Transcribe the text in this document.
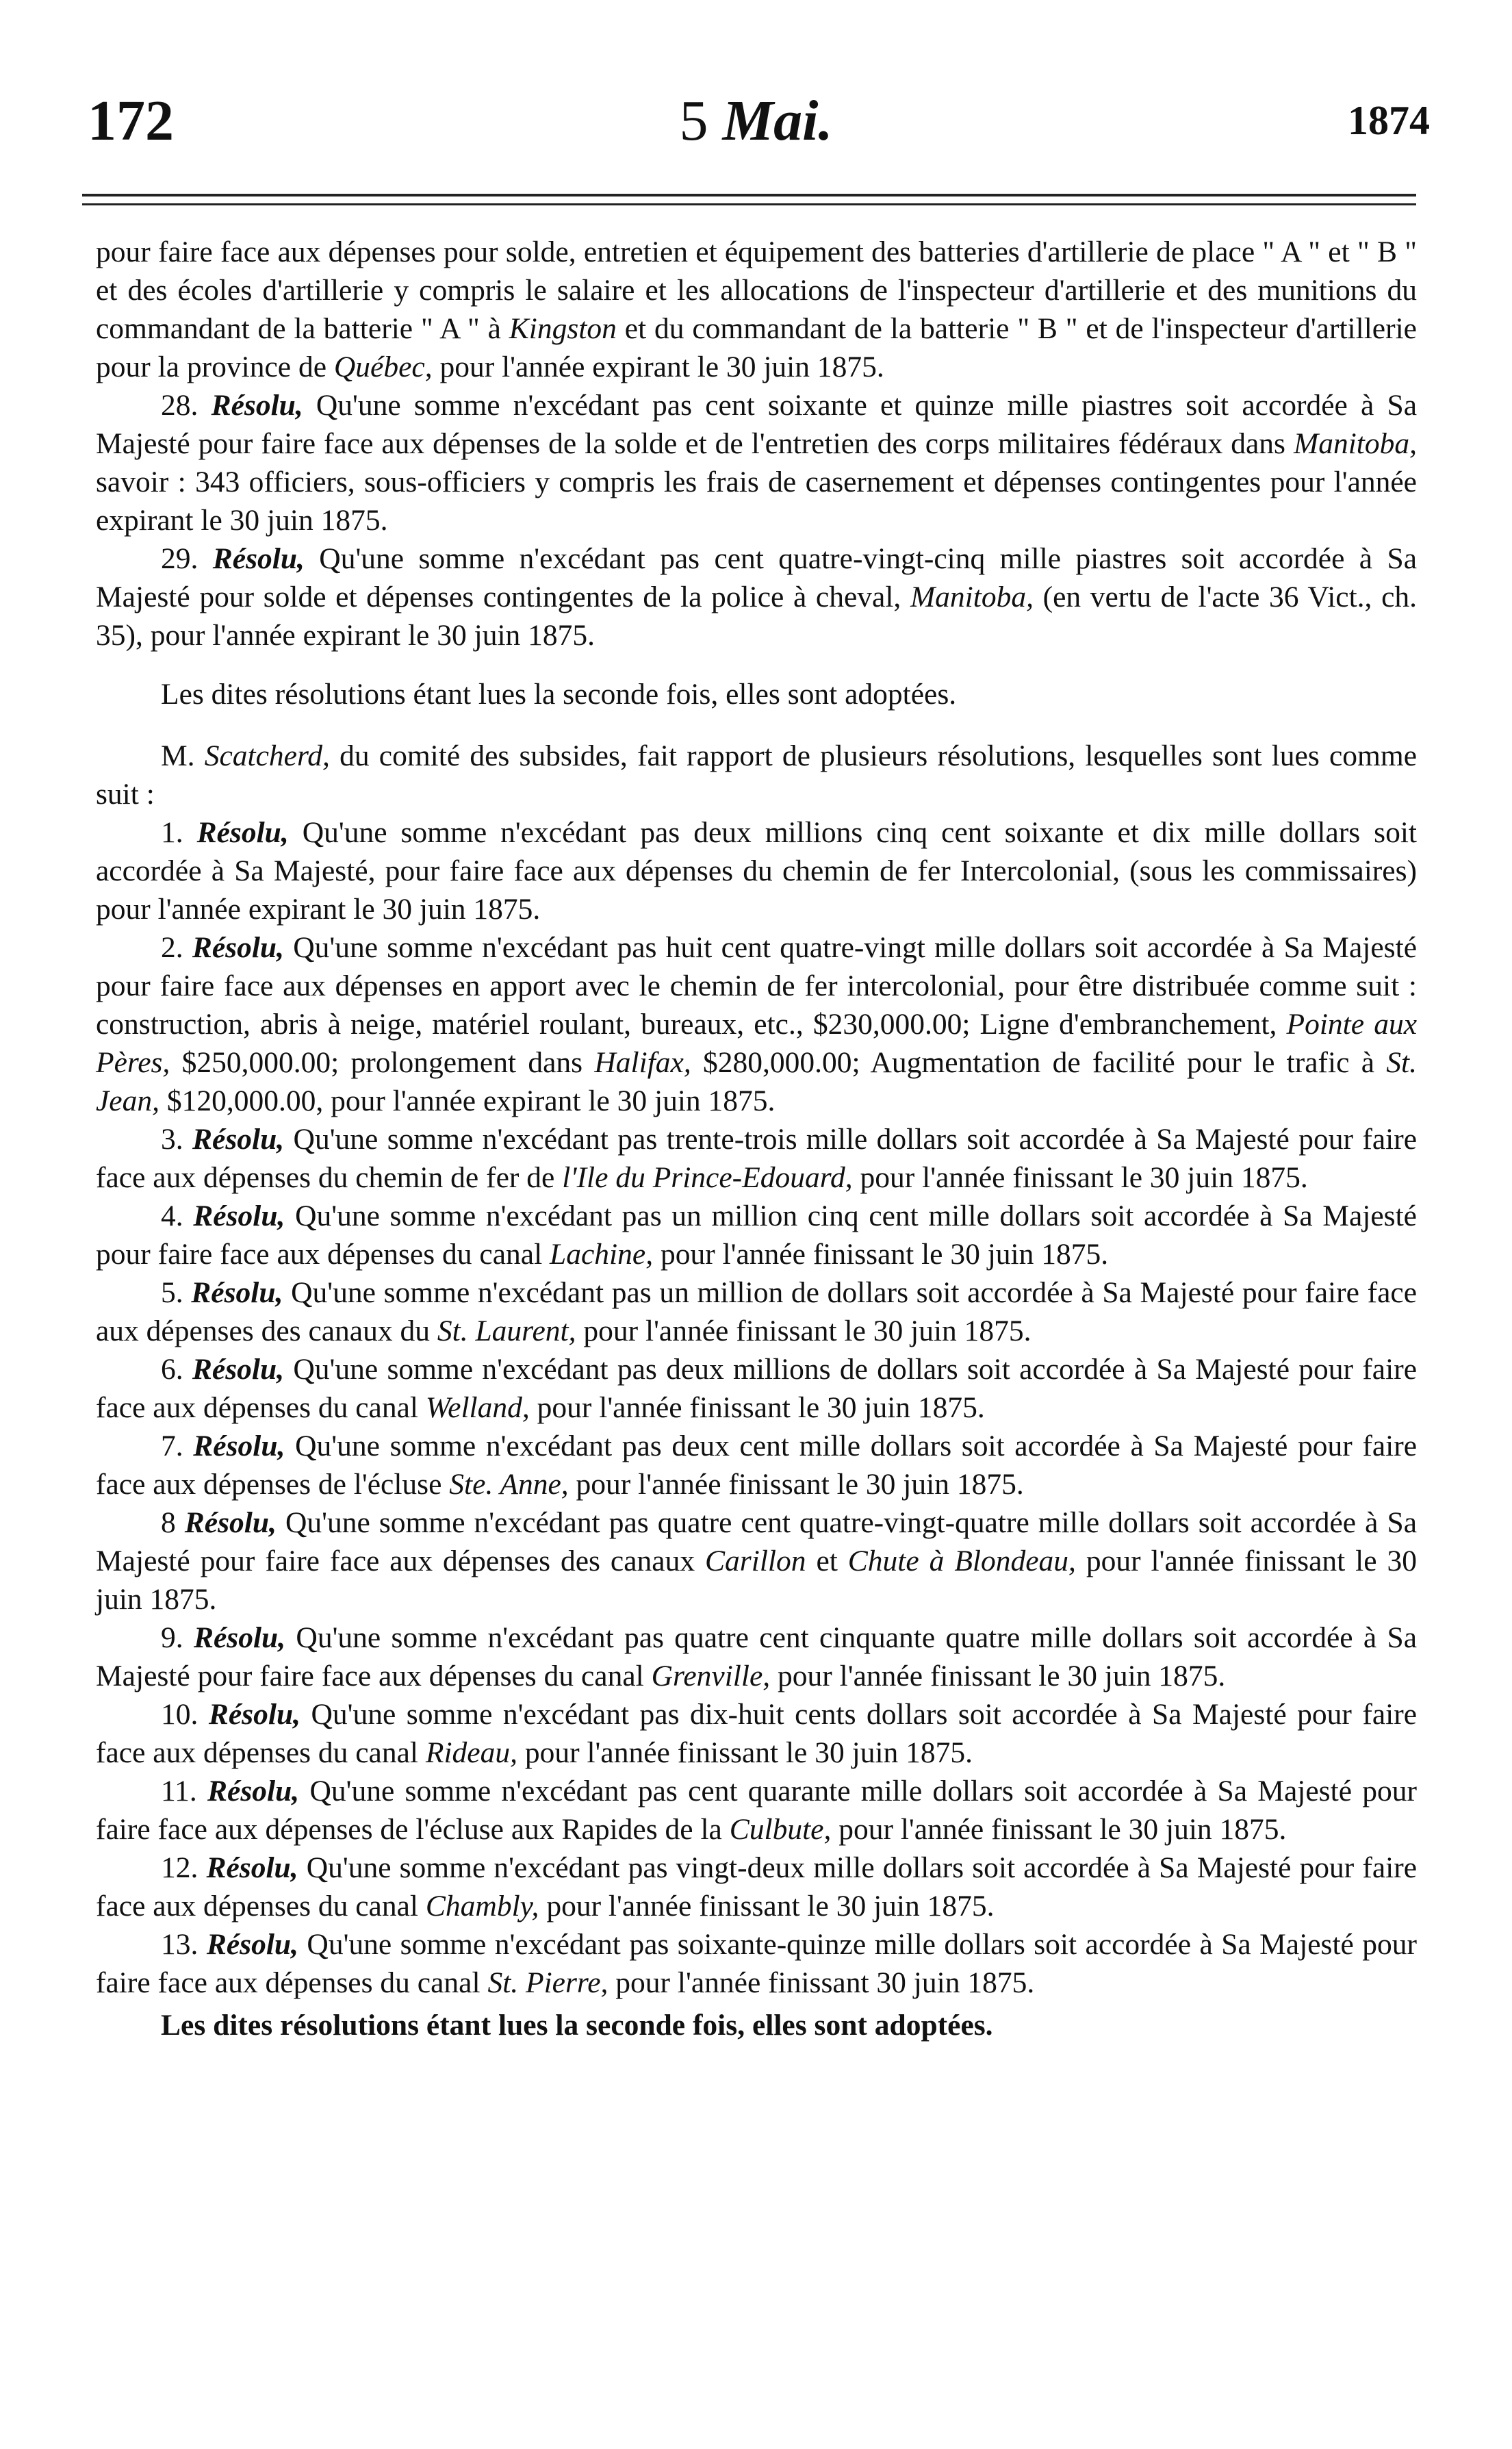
172	5 Mai.	1874

pour faire face aux dépenses pour solde, entretien et équipement des batteries d'artillerie de place " A " et " B " et des écoles d'artillerie y compris le salaire et les allocations de l'inspecteur d'artillerie et des munitions du commandant de la batterie " A " à Kingston et du commandant de la batterie " B " et de l'inspecteur d'artillerie pour la province de Québec, pour l'année expirant le 30 juin 1875.

28. Résolu, Qu'une somme n'excédant pas cent soixante et quinze mille piastres soit accordée à Sa Majesté pour faire face aux dépenses de la solde et de l'entretien des corps militaires fédéraux dans Manitoba, savoir : 343 officiers, sous-officiers y compris les frais de casernement et dépenses contingentes pour l'année expirant le 30 juin 1875.

29. Résolu, Qu'une somme n'excédant pas cent quatre-vingt-cinq mille piastres soit accordée à Sa Majesté pour solde et dépenses contingentes de la police à cheval, Manitoba, (en vertu de l'acte 36 Vict., ch. 35), pour l'année expirant le 30 juin 1875.

Les dites résolutions étant lues la seconde fois, elles sont adoptées.

M. Scatcherd, du comité des subsides, fait rapport de plusieurs résolutions, lesquelles sont lues comme suit :

1. Résolu, Qu'une somme n'excédant pas deux millions cinq cent soixante et dix mille dollars soit accordée à Sa Majesté, pour faire face aux dépenses du chemin de fer Intercolonial, (sous les commissaires) pour l'année expirant le 30 juin 1875.

2. Résolu, Qu'une somme n'excédant pas huit cent quatre-vingt mille dollars soit accordée à Sa Majesté pour faire face aux dépenses en apport avec le chemin de fer intercolonial, pour être distribuée comme suit : construction, abris à neige, matériel roulant, bureaux, etc., $230,000.00; Ligne d'embranchement, Pointe aux Pères, $250,000.00; prolongement dans Halifax, $280,000.00; Augmentation de facilité pour le trafic à St. Jean, $120,000.00, pour l'année expirant le 30 juin 1875.

3. Résolu, Qu'une somme n'excédant pas trente-trois mille dollars soit accordée à Sa Majesté pour faire face aux dépenses du chemin de fer de l'Ile du Prince-Edouard, pour l'année finissant le 30 juin 1875.

4. Résolu, Qu'une somme n'excédant pas un million cinq cent mille dollars soit accordée à Sa Majesté pour faire face aux dépenses du canal Lachine, pour l'année finissant le 30 juin 1875.

5. Résolu, Qu'une somme n'excédant pas un million de dollars soit accordée à Sa Majesté pour faire face aux dépenses des canaux du St. Laurent, pour l'année finissant le 30 juin 1875.

6. Résolu, Qu'une somme n'excédant pas deux millions de dollars soit accordée à Sa Majesté pour faire face aux dépenses du canal Welland, pour l'année finissant le 30 juin 1875.

7. Résolu, Qu'une somme n'excédant pas deux cent mille dollars soit accordée à Sa Majesté pour faire face aux dépenses de l'écluse Ste. Anne, pour l'année finissant le 30 juin 1875.

8 Résolu, Qu'une somme n'excédant pas quatre cent quatre-vingt-quatre mille dollars soit accordée à Sa Majesté pour faire face aux dépenses des canaux Carillon et Chute à Blondeau, pour l'année finissant le 30 juin 1875.

9. Résolu, Qu'une somme n'excédant pas quatre cent cinquante quatre mille dollars soit accordée à Sa Majesté pour faire face aux dépenses du canal Grenville, pour l'année finissant le 30 juin 1875.

10. Résolu, Qu'une somme n'excédant pas dix-huit cents dollars soit accordée à Sa Majesté pour faire face aux dépenses du canal Rideau, pour l'année finissant le 30 juin 1875.

11. Résolu, Qu'une somme n'excédant pas cent quarante mille dollars soit accordée à Sa Majesté pour faire face aux dépenses de l'écluse aux Rapides de la Culbute, pour l'année finissant le 30 juin 1875.

12. Résolu, Qu'une somme n'excédant pas vingt-deux mille dollars soit accordée à Sa Majesté pour faire face aux dépenses du canal Chambly, pour l'année finissant le 30 juin 1875.

13. Résolu, Qu'une somme n'excédant pas soixante-quinze mille dollars soit accordée à Sa Majesté pour faire face aux dépenses du canal St. Pierre, pour l'année finissant 30 juin 1875.

Les dites résolutions étant lues la seconde fois, elles sont adoptées.
